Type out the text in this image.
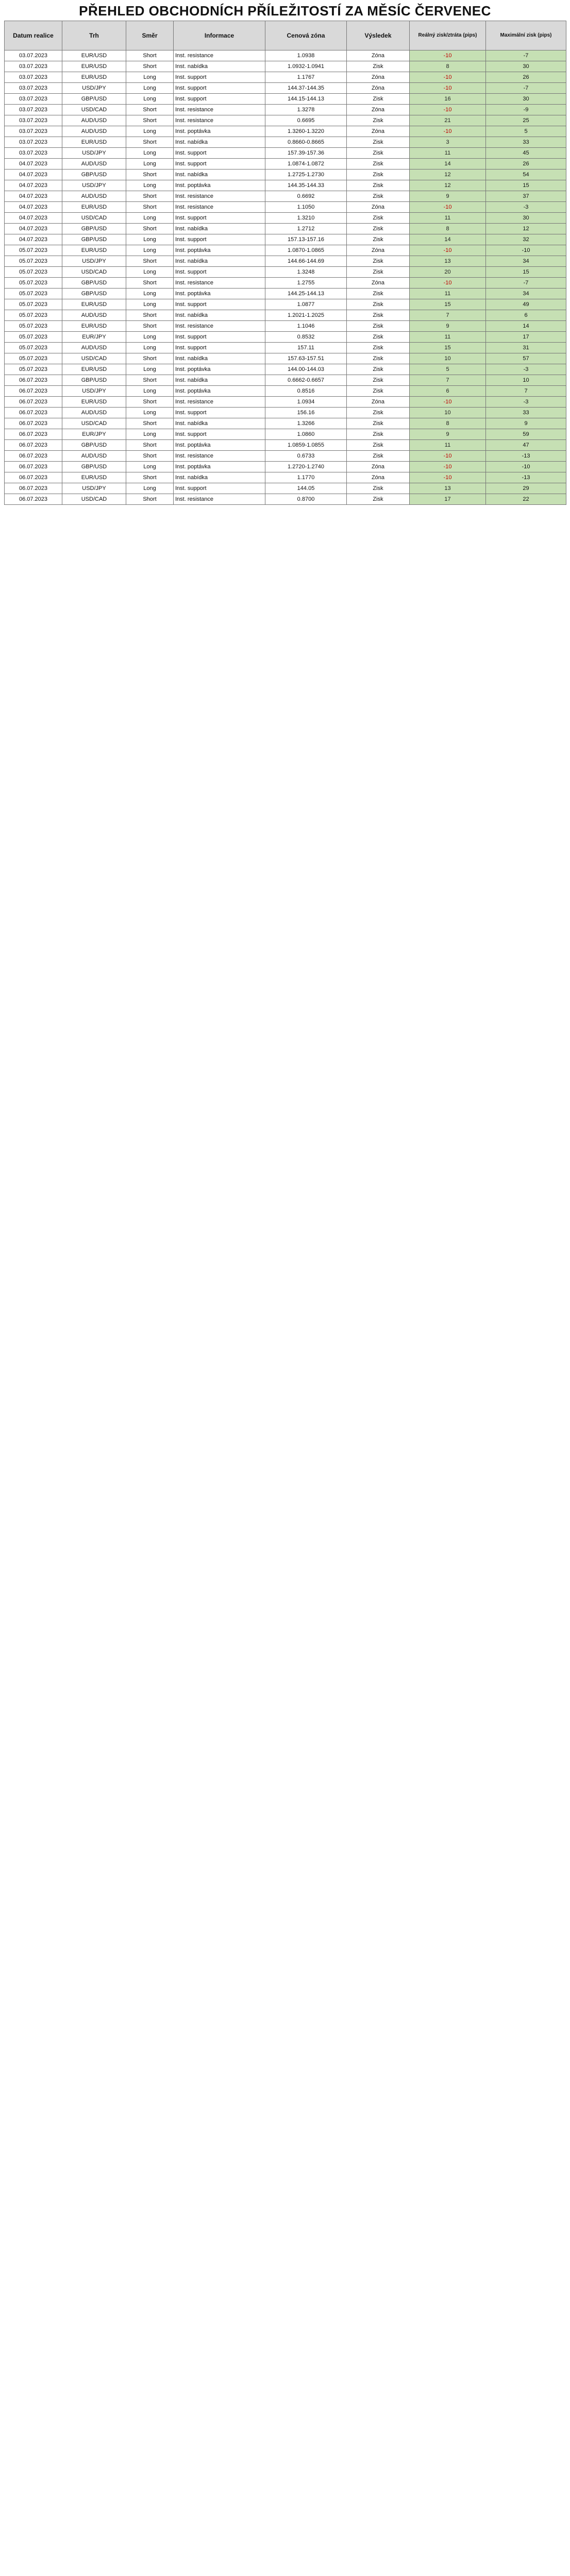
PŘEHLED OBCHODNÍCH PŘÍLEŽITOSTÍ ZA MĚSÍC ČERVENEC
Datum realice	Trh	Směr	Informace	Cenová zóna	Výsledek	Reálný zisk/ztráta (pips)	Maximální zisk (pips)
03.07.2023	EUR/USD	Short	Inst. resistance	1.0938	Zóna	-10	-7
03.07.2023	EUR/USD	Short	Inst. nabídka	1.0932-1.0941	Zisk	8	30
03.07.2023	EUR/USD	Long	Inst. support	1.1767	Zóna	-10	26
03.07.2023	USD/JPY	Long	Inst. support	144.37-144.35	Zóna	-10	-7
03.07.2023	GBP/USD	Long	Inst. support	144.15-144.13	Zisk	16	30
03.07.2023	USD/CAD	Short	Inst. resistance	1.3278	Zóna	-10	-9
03.07.2023	AUD/USD	Short	Inst. resistance	0.6695	Zisk	21	25
03.07.2023	AUD/USD	Long	Inst. poptávka	1.3260-1.3220	Zóna	-10	5
03.07.2023	EUR/USD	Short	Inst. nabídka	0.8660-0.8665	Zisk	3	33
03.07.2023	USD/JPY	Long	Inst. support	157.39-157.36	Zisk	11	45
04.07.2023	AUD/USD	Long	Inst. support	1.0874-1.0872	Zisk	14	26
04.07.2023	GBP/USD	Short	Inst. nabídka	1.2725-1.2730	Zisk	12	54
04.07.2023	USD/JPY	Long	Inst. poptávka	144.35-144.33	Zisk	12	15
04.07.2023	AUD/USD	Short	Inst. resistance	0.6692	Zisk	9	37
04.07.2023	EUR/USD	Short	Inst. resistance	1.1050	Zóna	-10	-3
04.07.2023	USD/CAD	Long	Inst. support	1.3210	Zisk	11	30
04.07.2023	GBP/USD	Short	Inst. nabídka	1.2712	Zisk	8	12
04.07.2023	GBP/USD	Long	Inst. support	157.13-157.16	Zisk	14	32
05.07.2023	EUR/USD	Long	Inst. poptávka	1.0870-1.0865	Zóna	-10	-10
05.07.2023	USD/JPY	Short	Inst. nabídka	144.66-144.69	Zisk	13	34
05.07.2023	USD/CAD	Long	Inst. support	1.3248	Zisk	20	15
05.07.2023	GBP/USD	Short	Inst. resistance	1.2755	Zóna	-10	-7
05.07.2023	GBP/USD	Long	Inst. poptávka	144.25-144.13	Zisk	11	34
05.07.2023	EUR/USD	Long	Inst. support	1.0877	Zisk	15	49
05.07.2023	AUD/USD	Short	Inst. nabídka	1.2021-1.2025	Zisk	7	6
05.07.2023	EUR/USD	Short	Inst. resistance	1.1046	Zisk	9	14
05.07.2023	EUR/JPY	Long	Inst. support	0.8532	Zisk	11	17
05.07.2023	AUD/USD	Long	Inst. support	157.11	Zisk	15	31
05.07.2023	USD/CAD	Short	Inst. nabídka	157.63-157.51	Zisk	10	57
05.07.2023	EUR/USD	Long	Inst. poptávka	144.00-144.03	Zisk	5	-3
06.07.2023	GBP/USD	Short	Inst. nabídka	0.6662-0.6657	Zisk	7	10
06.07.2023	USD/JPY	Long	Inst. poptávka	0.8516	Zisk	6	7
06.07.2023	EUR/USD	Short	Inst. resistance	1.0934	Zóna	-10	-3
06.07.2023	AUD/USD	Long	Inst. support	156.16	Zisk	10	33
06.07.2023	USD/CAD	Short	Inst. nabídka	1.3266	Zisk	8	9
06.07.2023	EUR/JPY	Long	Inst. support	1.0860	Zisk	9	59
06.07.2023	GBP/USD	Short	Inst. poptávka	1.0859-1.0855	Zisk	11	47
06.07.2023	AUD/USD	Short	Inst. resistance	0.6733	Zisk	-10	-13
06.07.2023	GBP/USD	Long	Inst. poptávka	1.2720-1.2740	Zóna	-10	-10
06.07.2023	EUR/USD	Short	Inst. nabídka	1.1770	Zóna	-10	-13
06.07.2023	USD/JPY	Long	Inst. support	144.05	Zisk	13	29
06.07.2023	USD/CAD	Short	Inst. resistance	0.8700	Zisk	17	22
